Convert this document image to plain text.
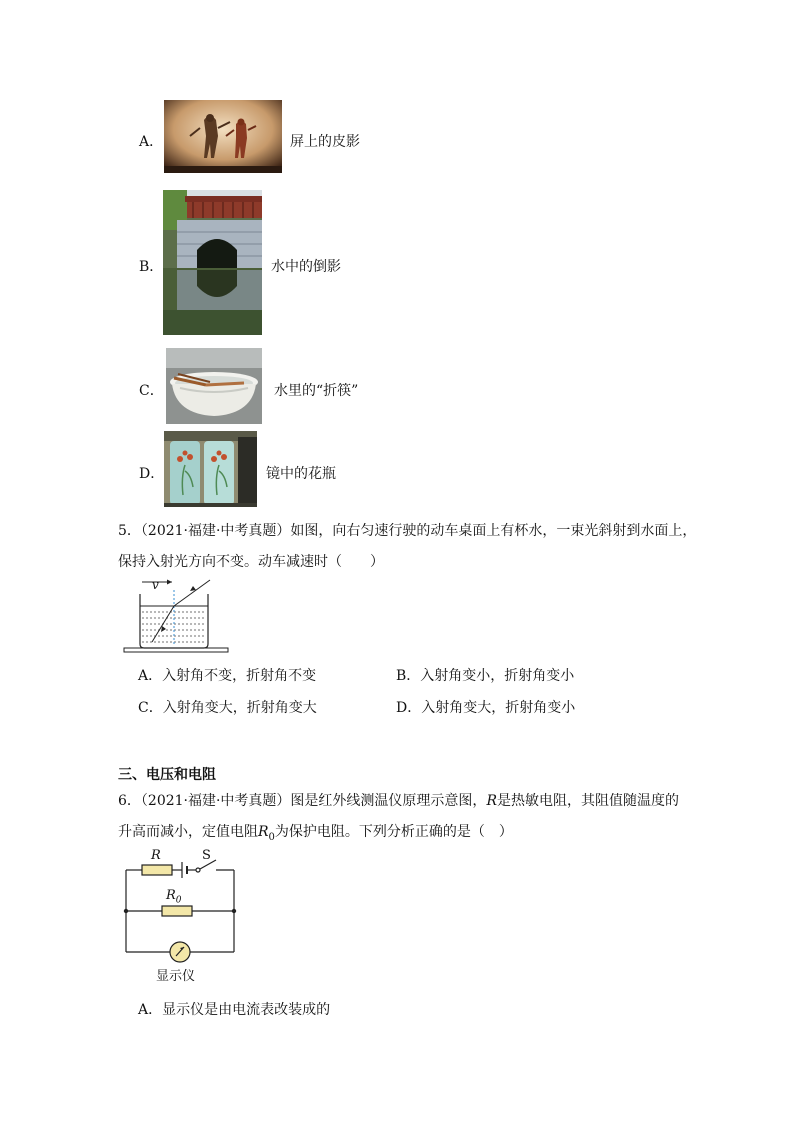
A．	屏上的皮影
B．	水中的倒影
C．	水里的“折筷”
D．	镜中的花瓶
5．（2021·福建·中考真题）如图，向右匀速行驶的动车桌面上有杯水，一束光斜射到水面上，
保持入射光方向不变。动车减速时（　　）
v
A．入射角不变，折射角不变	B．入射角变小，折射角变小
C．入射角变大，折射角变大	D．入射角变大，折射角变小
三、电压和电阻
6．（2021·福建·中考真题）图是红外线测温仪原理示意图，R是热敏电阻，其阻值随温度的
升高而减小，定值电阻$R_0$为保护电阻。下列分析正确的是（　）
R	S
$R_0$
显示仪
A．显示仪是由电流表改装成的
